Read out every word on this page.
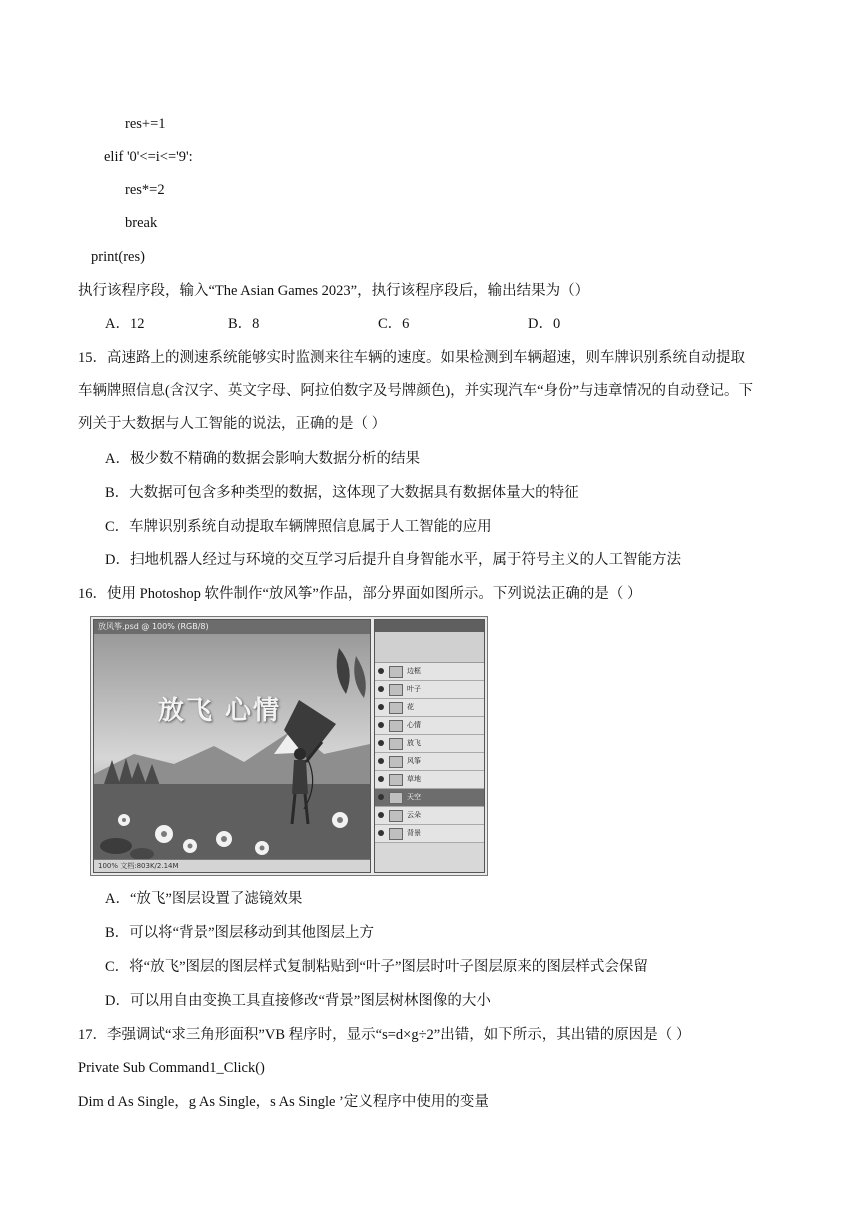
res+=1
elif '0'<=i<='9':
res*=2
break
print(res)
执行该程序段，输入“The Asian Games 2023”，执行该程序段后，输出结果为（）
A．12	B．8	C．6	D．0
15．高速路上的测速系统能够实时监测来往车辆的速度。如果检测到车辆超速，则车牌识别系统自动提取
车辆牌照信息(含汉字、英文字母、阿拉伯数字及号牌颜色)，并实现汽车“身份”与违章情况的自动登记。下
列关于大数据与人工智能的说法，正确的是（ ）
A．极少数不精确的数据会影响大数据分析的结果
B．大数据可包含多种类型的数据，这体现了大数据具有数据体量大的特征
C．车牌识别系统自动提取车辆牌照信息属于人工智能的应用
D．扫地机器人经过与环境的交互学习后提升自身智能水平，属于符号主义的人工智能方法
16．使用 Photoshop 软件制作“放风筝”作品，部分界面如图所示。下列说法正确的是（ ）
放风筝.psd @ 100% (RGB/8)
放飞 心情
100% 文档:803K/2.14M
边框
叶子
花
心情
放飞
风筝
草地
天空
云朵
背景
A．“放飞”图层设置了滤镜效果
B．可以将“背景”图层移动到其他图层上方
C．将“放飞”图层的图层样式复制粘贴到“叶子”图层时叶子图层原来的图层样式会保留
D．可以用自由变换工具直接修改“背景”图层树林图像的大小
17．李强调试“求三角形面积”VB 程序时，显示“s=d×g÷2”出错，如下所示，其出错的原因是（ ）
Private Sub Command1_Click()
Dim d As Single，g As Single，s As Single ’定义程序中使用的变量
